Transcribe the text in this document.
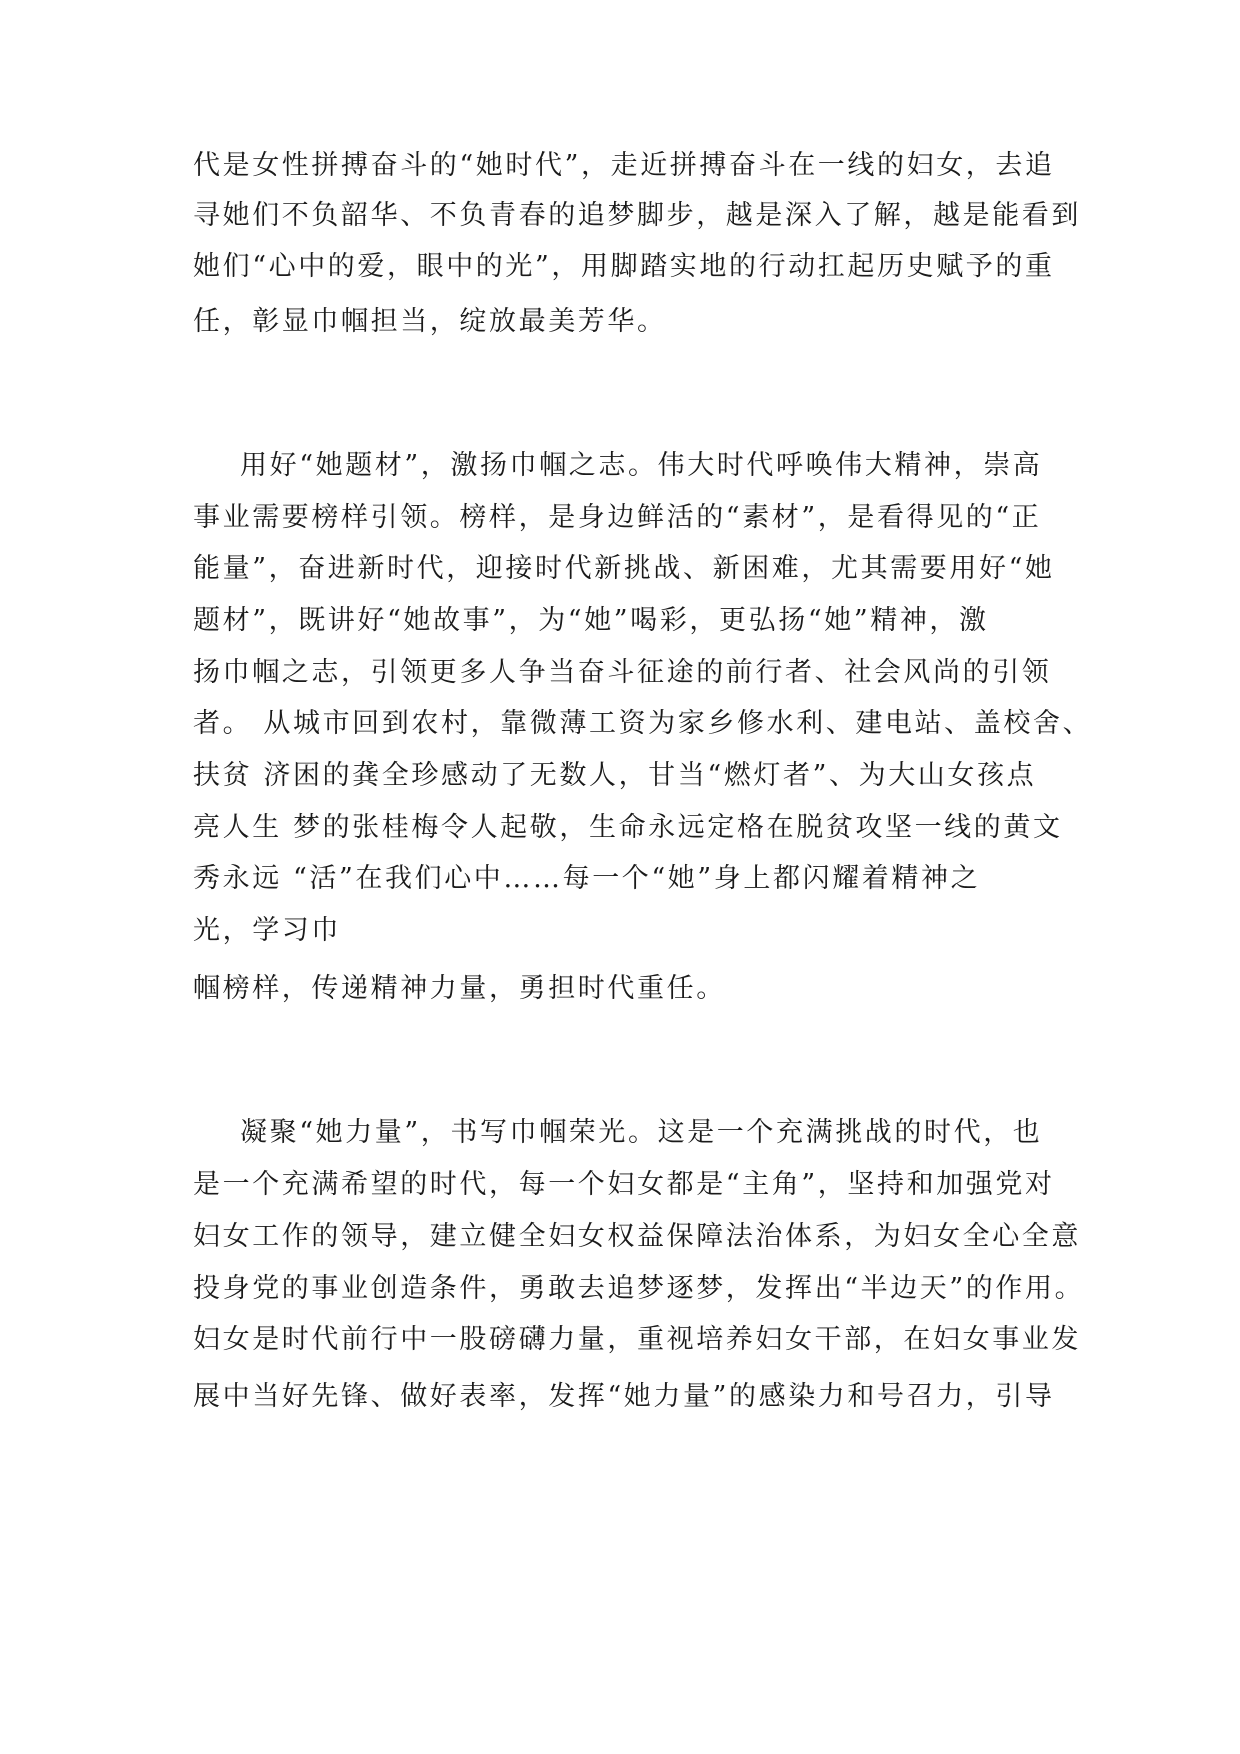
代是女性拼搏奋斗的“她时代”，走近拼搏奋斗在一线的妇女，去追

寻她们不负韶华、不负青春的追梦脚步，越是深入了解，越是能看到

她们“心中的爱，眼中的光”，用脚踏实地的行动扛起历史赋予的重

任，彰显巾帼担当，绽放最美芳华。

用好“她题材”，激扬巾帼之志。伟大时代呼唤伟大精神，崇高

事业需要榜样引领。榜样，是身边鲜活的“素材”，是看得见的“正

能量”，奋进新时代，迎接时代新挑战、新困难，尤其需要用好“她

题材”，既讲好“她故事”，为“她”喝彩，更弘扬“她”精神，激

扬巾帼之志，引领更多人争当奋斗征途的前行者、社会风尚的引领

者。 从城市回到农村，靠微薄工资为家乡修水利、建电站、盖校舍、

扶贫 济困的龚全珍感动了无数人，甘当“燃灯者”、为大山女孩点

亮人生 梦的张桂梅令人起敬，生命永远定格在脱贫攻坚一线的黄文

秀永远 “活”在我们心中……每一个“她”身上都闪耀着精神之

光，学习巾

帼榜样，传递精神力量，勇担时代重任。

凝聚“她力量”，书写巾帼荣光。这是一个充满挑战的时代，也

是一个充满希望的时代，每一个妇女都是“主角”，坚持和加强党对

妇女工作的领导，建立健全妇女权益保障法治体系，为妇女全心全意

投身党的事业创造条件，勇敢去追梦逐梦，发挥出“半边天”的作用。

妇女是时代前行中一股磅礴力量，重视培养妇女干部，在妇女事业发

展中当好先锋、做好表率，发挥“她力量”的感染力和号召力，引导
